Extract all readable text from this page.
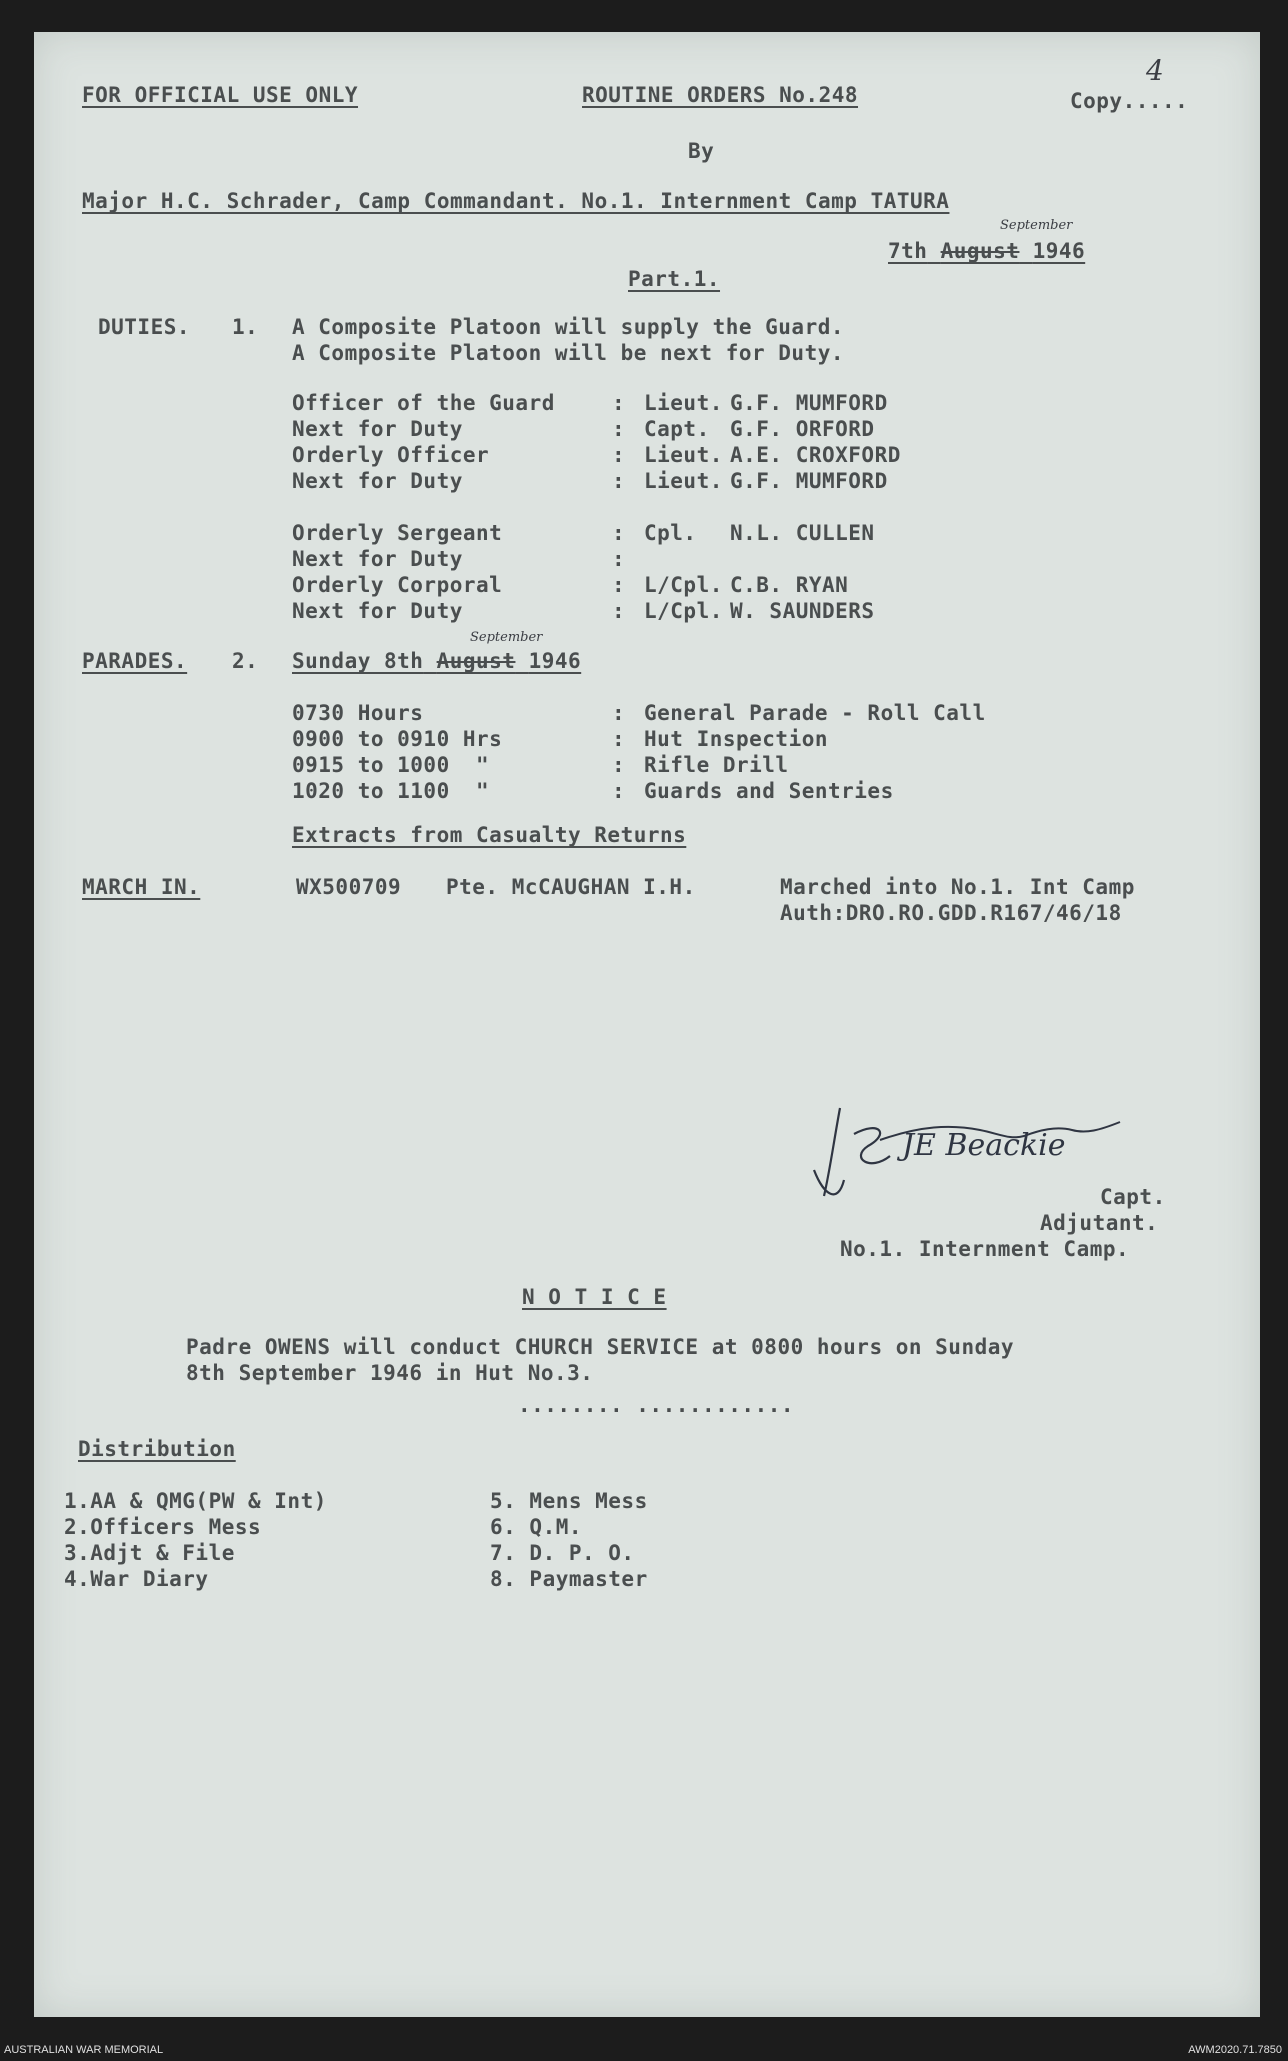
FOR OFFICIAL USE ONLY	ROUTINE ORDERS No.248	Copy.....
4
By
Major H.C. Schrader, Camp Commandant. No.1. Internment Camp TATURA
September
7th August 1946
Part.1.
DUTIES. 1. A Composite Platoon will supply the Guard.
A Composite Platoon will be next for Duty.
Officer of the Guard	: Lieut. G.F. MUMFORD
Next for Duty	: Capt. G.F. ORFORD
Orderly Officer	: Lieut. A.E. CROXFORD
Next for Duty	: Lieut. G.F. MUMFORD
Orderly Sergeant	: Cpl. N.L. CULLEN
Next for Duty	:
Orderly Corporal	: L/Cpl. C.B. RYAN
Next for Duty	: L/Cpl. W. SAUNDERS
September
PARADES. 2. Sunday 8th August 1946
0730 Hours	: General Parade - Roll Call
0900 to 0910 Hrs	: Hut Inspection
0915 to 1000  "	: Rifle Drill
1020 to 1100  "	: Guards and Sentries
Extracts from Casualty Returns
MARCH IN.	WX500709 Pte. McCAUGHAN I.H.	Marched into No.1. Int Camp
Auth:DRO.RO.GDD.R167/46/18
JE Beackie
Capt.
Adjutant.
No.1. Internment Camp.
N O T I C E
Padre OWENS will conduct CHURCH SERVICE at 0800 hours on Sunday
8th September 1946 in Hut No.3.
........ ............
Distribution
1.AA & QMG(PW & Int)
2.Officers Mess
3.Adjt & File
4.War Diary
5. Mens Mess
6. Q.M.
7. D. P. O.
8. Paymaster
AUSTRALIAN WAR MEMORIAL	AWM2020.71.7850
